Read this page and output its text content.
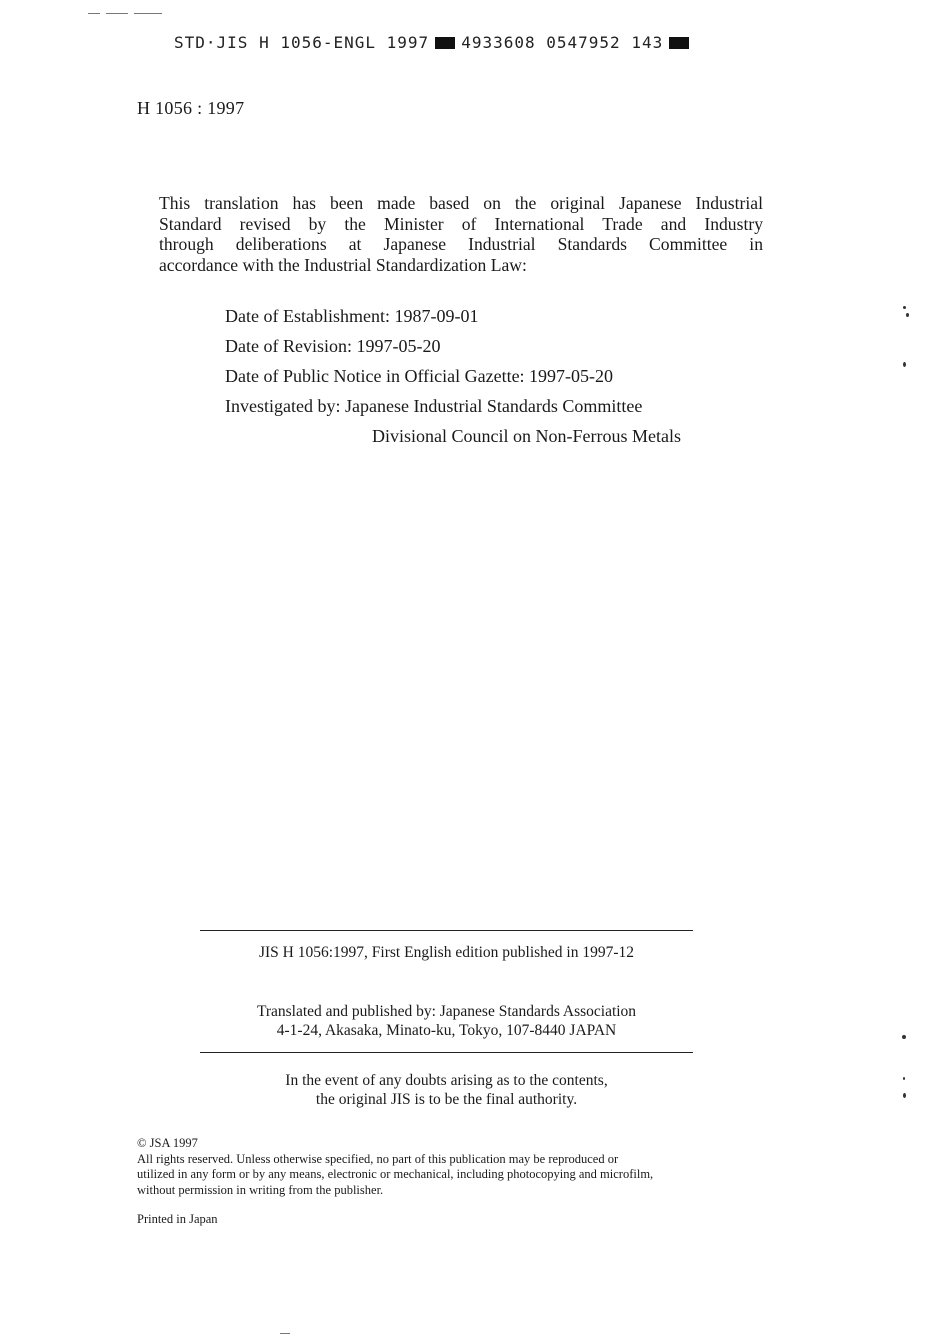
STD·JIS H 1056-ENGL 1997 4933608 0547952 143
H 1056 : 1997
This translation has been made based on the original Japanese Industrial
Standard revised by the Minister of International Trade and Industry
through deliberations at Japanese Industrial Standards Committee in
accordance with the Industrial Standardization Law:
Date of Establishment: 1987-09-01
Date of Revision: 1997-05-20
Date of Public Notice in Official Gazette: 1997-05-20
Investigated by: Japanese Industrial Standards Committee
Divisional Council on Non-Ferrous Metals
JIS H 1056:1997, First English edition published in 1997-12
Translated and published by: Japanese Standards Association
4-1-24, Akasaka, Minato-ku, Tokyo, 107-8440 JAPAN
In the event of any doubts arising as to the contents,
the original JIS is to be the final authority.
© JSA 1997
All rights reserved. Unless otherwise specified, no part of this publication may be reproduced or
utilized in any form or by any means, electronic or mechanical, including photocopying and microfilm,
without permission in writing from the publisher.
Printed in Japan
